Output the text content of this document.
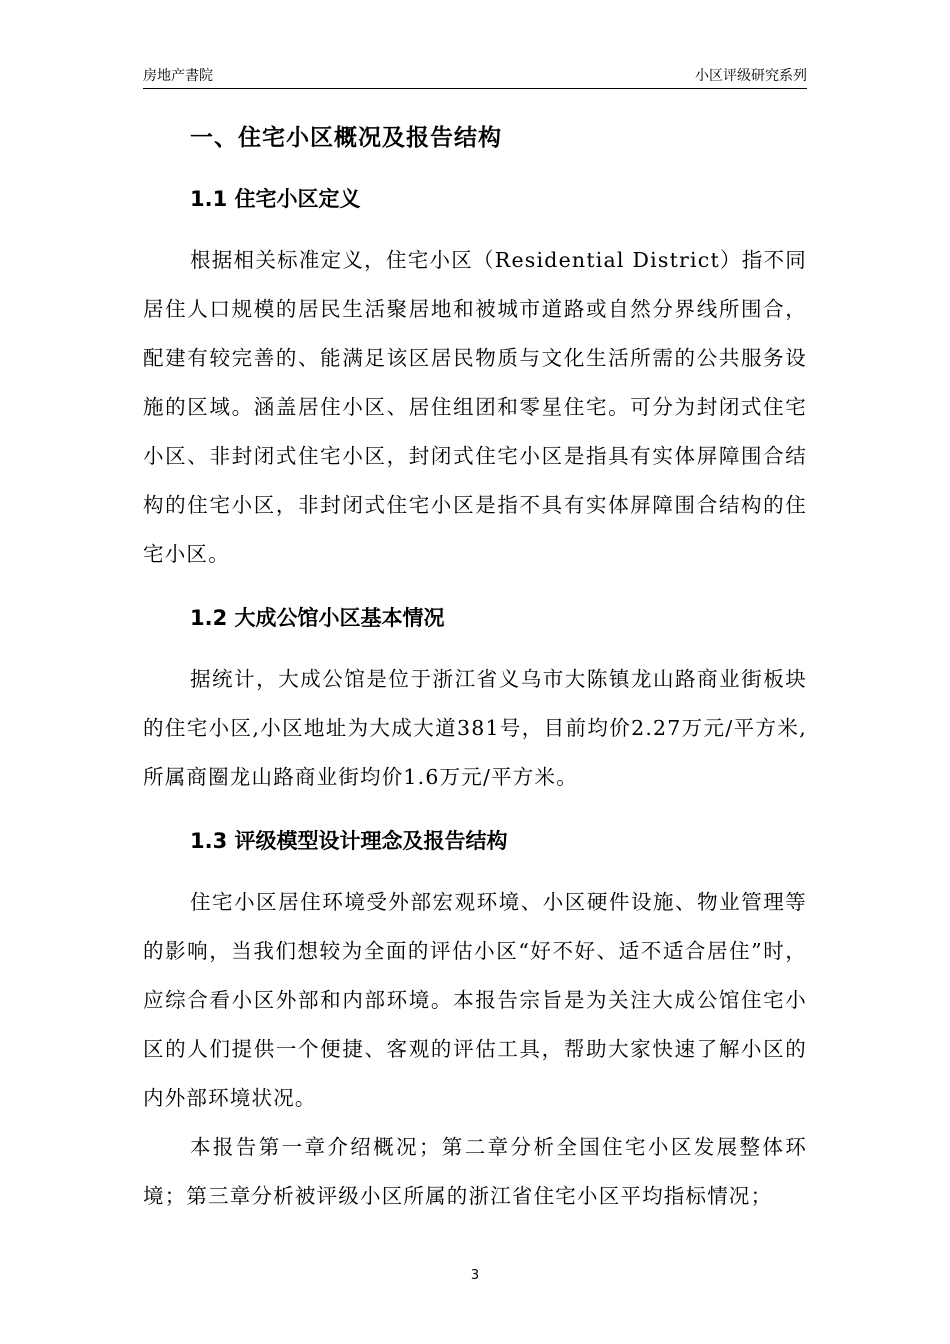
房地产書院	小区评级研究系列
一、住宅小区概况及报告结构
1.1 住宅小区定义

根据相关标准定义，住宅小区（Residential District）指不同居住人口规模的居民生活聚居地和被城市道路或自然分界线所围合，配建有较完善的、能满足该区居民物质与文化生活所需的公共服务设施的区域。涵盖居住小区、居住组团和零星住宅。可分为封闭式住宅小区、非封闭式住宅小区，封闭式住宅小区是指具有实体屏障围合结构的住宅小区，非封闭式住宅小区是指不具有实体屏障围合结构的住宅小区。

1.2 大成公馆小区基本情况

据统计，大成公馆是位于浙江省义乌市大陈镇龙山路商业街板块的住宅小区,小区地址为大成大道381号，目前均价2.27万元/平方米,所属商圈龙山路商业街均价1.6万元/平方米。

1.3 评级模型设计理念及报告结构

住宅小区居住环境受外部宏观环境、小区硬件设施、物业管理等的影响，当我们想较为全面的评估小区“好不好、适不适合居住”时，应综合看小区外部和内部环境。本报告宗旨是为关注大成公馆住宅小区的人们提供一个便捷、客观的评估工具，帮助大家快速了解小区的内外部环境状况。

本报告第一章介绍概况；第二章分析全国住宅小区发展整体环境；第三章分析被评级小区所属的浙江省住宅小区平均指标情况；

3
